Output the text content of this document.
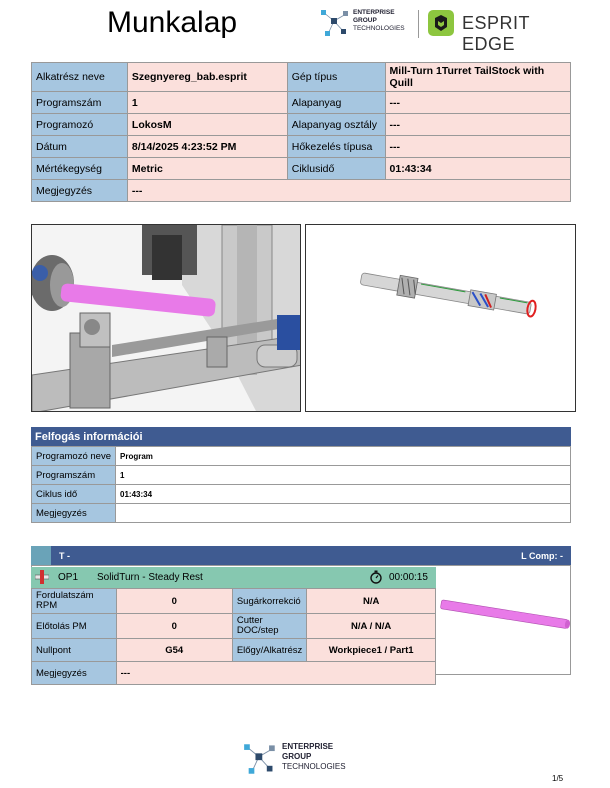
Munkalap	ENTERPRISE
GROUP
TECHNOLOGIES	ESPRIT EDGE
Alkatrész neve	Szegnyereg_bab.esprit	Gép típus	Mill-Turn 1Turret TailStock with Quill
Programszám	1	Alapanyag	---
Programozó	LokosM	Alapanyag osztály	---
Dátum	8/14/2025 4:23:52 PM	Hőkezelés típusa	---
Mértékegység	Metric	Ciklusidő	01:43:34
Megjegyzés	---		
Felfogás információi
Programozó neve	Program
Programszám	1
Ciklus idő	01:43:34
Megjegyzés	
T -	L Comp: -
OP1 SolidTurn - Steady Rest	00:00:15
Fordulatszám RPM	0	Sugárkorrekció	N/A
Előtolás PM	0	Cutter DOC/step	N/A / N/A
Nullpont	G54	Előgy/Alkatrész	Workpiece1 / Part1
Megjegyzés	---		
ENTERPRISE
GROUP
TECHNOLOGIES
1/5
